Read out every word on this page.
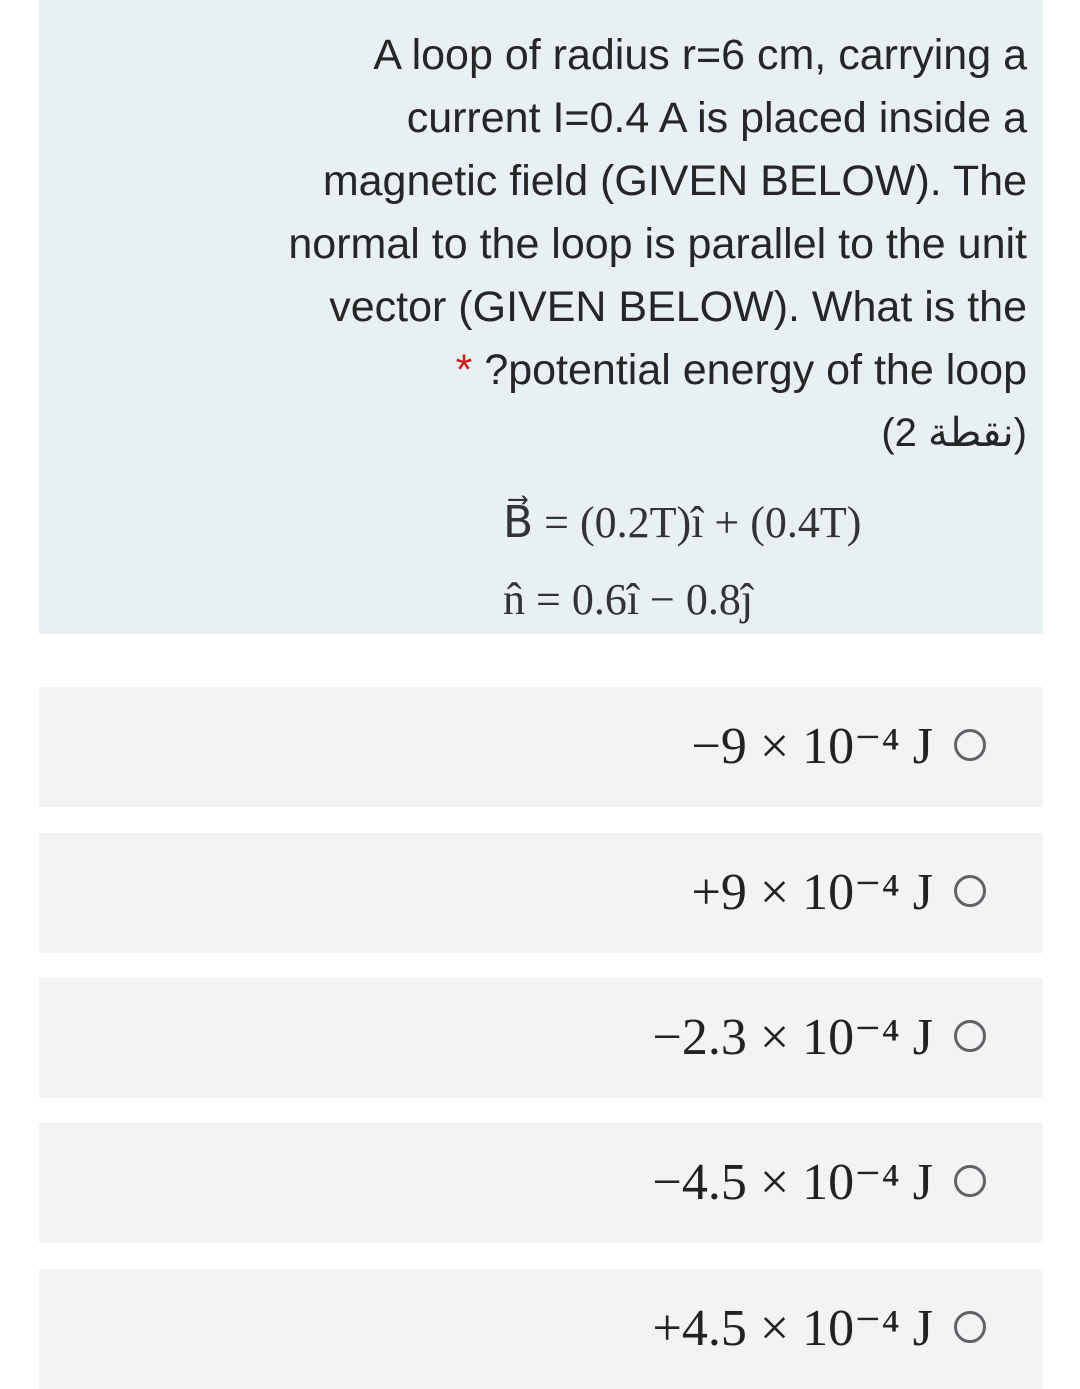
A loop of radius r=6 cm, carrying a
current I=0.4 A is placed inside a
magnetic field (GIVEN BELOW). The
normal to the loop is parallel to the unit
vector (GIVEN BELOW). What is the
* ?potential energy of the loop
(2 نقطة)
B⃗ = (0.2T)î + (0.4T)
n̂ = 0.6î − 0.8ĵ
−9 × 10⁻⁴ J
+9 × 10⁻⁴ J
−2.3 × 10⁻⁴ J
−4.5 × 10⁻⁴ J
+4.5 × 10⁻⁴ J
